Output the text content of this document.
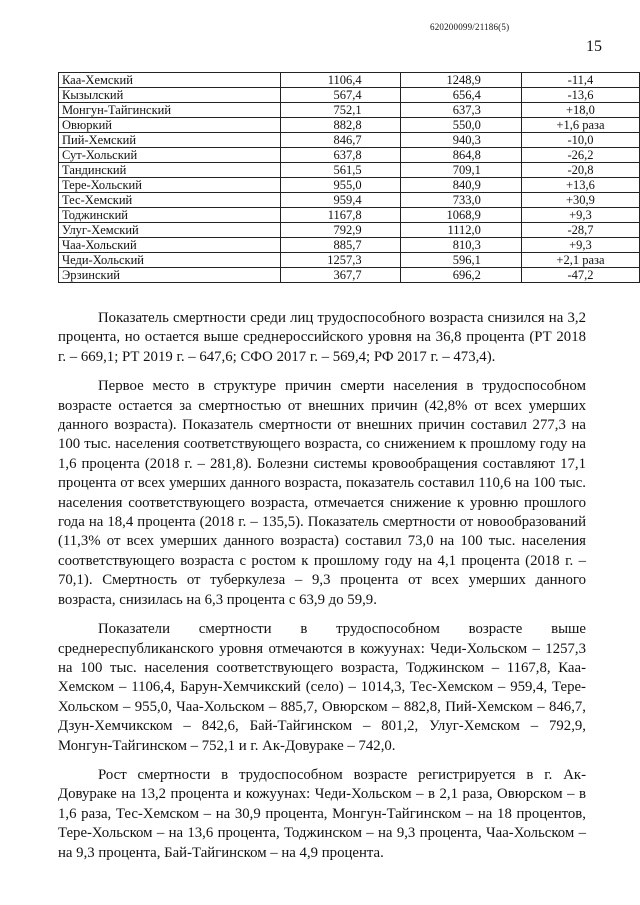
620200099/21186(5)
15
Каа-Хемский	1106,4	1248,9	-11,4
Кызылский	567,4	656,4	-13,6
Монгун-Тайгинский	752,1	637,3	+18,0
Овюркий	882,8	550,0	+1,6 раза
Пий-Хемский	846,7	940,3	-10,0
Сут-Хольский	637,8	864,8	-26,2
Тандинский	561,5	709,1	-20,8
Тере-Хольский	955,0	840,9	+13,6
Тес-Хемский	959,4	733,0	+30,9
Тоджинский	1167,8	1068,9	+9,3
Улуг-Хемский	792,9	1112,0	-28,7
Чаа-Хольский	885,7	810,3	+9,3
Чеди-Хольский	1257,3	596,1	+2,1 раза
Эрзинский	367,7	696,2	-47,2

Показатель смертности среди лиц трудоспособного возраста снизился на 3,2 процента, но остается выше среднероссийского уровня на 36,8 процента (РТ 2018 г. – 669,1; РТ 2019 г. – 647,6; СФО 2017 г. – 569,4; РФ 2017 г. – 473,4).

Первое место в структуре причин смерти населения в трудоспособном возрасте остается за смертностью от внешних причин (42,8% от всех умерших данного возраста). Показатель смертности от внешних причин составил 277,3 на 100 тыс. населения соответствующего возраста, со снижением к прошлому году на 1,6 процента (2018 г. – 281,8). Болезни системы кровообращения составляют 17,1 процента от всех умерших данного возраста, показатель составил 110,6 на 100 тыс. населения соответствующего возраста, отмечается снижение к уровню прошлого года на 18,4 процента (2018 г. – 135,5). Показатель смертности от новообразований (11,3% от всех умерших данного возраста) составил 73,0 на 100 тыс. населения соответствующего возраста с ростом к прошлому году на 4,1 процента (2018 г. – 70,1). Смертность от туберкулеза – 9,3 процента от всех умерших данного возраста, снизилась на 6,3 процента с 63,9 до 59,9.

Показатели смертности в трудоспособном возрасте выше среднереспубликанского уровня отмечаются в кожуунах: Чеди-Хольском – 1257,3 на 100 тыс. населения соответствующего возраста, Тоджинском – 1167,8, Каа-Хемском – 1106,4, Барун-Хемчикский (село) – 1014,3, Тес-Хемском – 959,4, Тере-Хольском – 955,0, Чаа-Хольском – 885,7, Овюрском – 882,8, Пий-Хемском – 846,7, Дзун-Хемчикском – 842,6, Бай-Тайгинском – 801,2, Улуг-Хемском – 792,9, Монгун-Тайгинском – 752,1 и г. Ак-Довураке – 742,0.

Рост смертности в трудоспособном возрасте регистрируется в г. Ак-Довураке на 13,2 процента и кожуунах: Чеди-Хольском – в 2,1 раза, Овюрском – в 1,6 раза, Тес-Хемском – на 30,9 процента, Монгун-Тайгинском – на 18 процентов, Тере-Хольском – на 13,6 процента, Тоджинском – на 9,3 процента, Чаа-Хольском – на 9,3 процента, Бай-Тайгинском – на 4,9 процента.
